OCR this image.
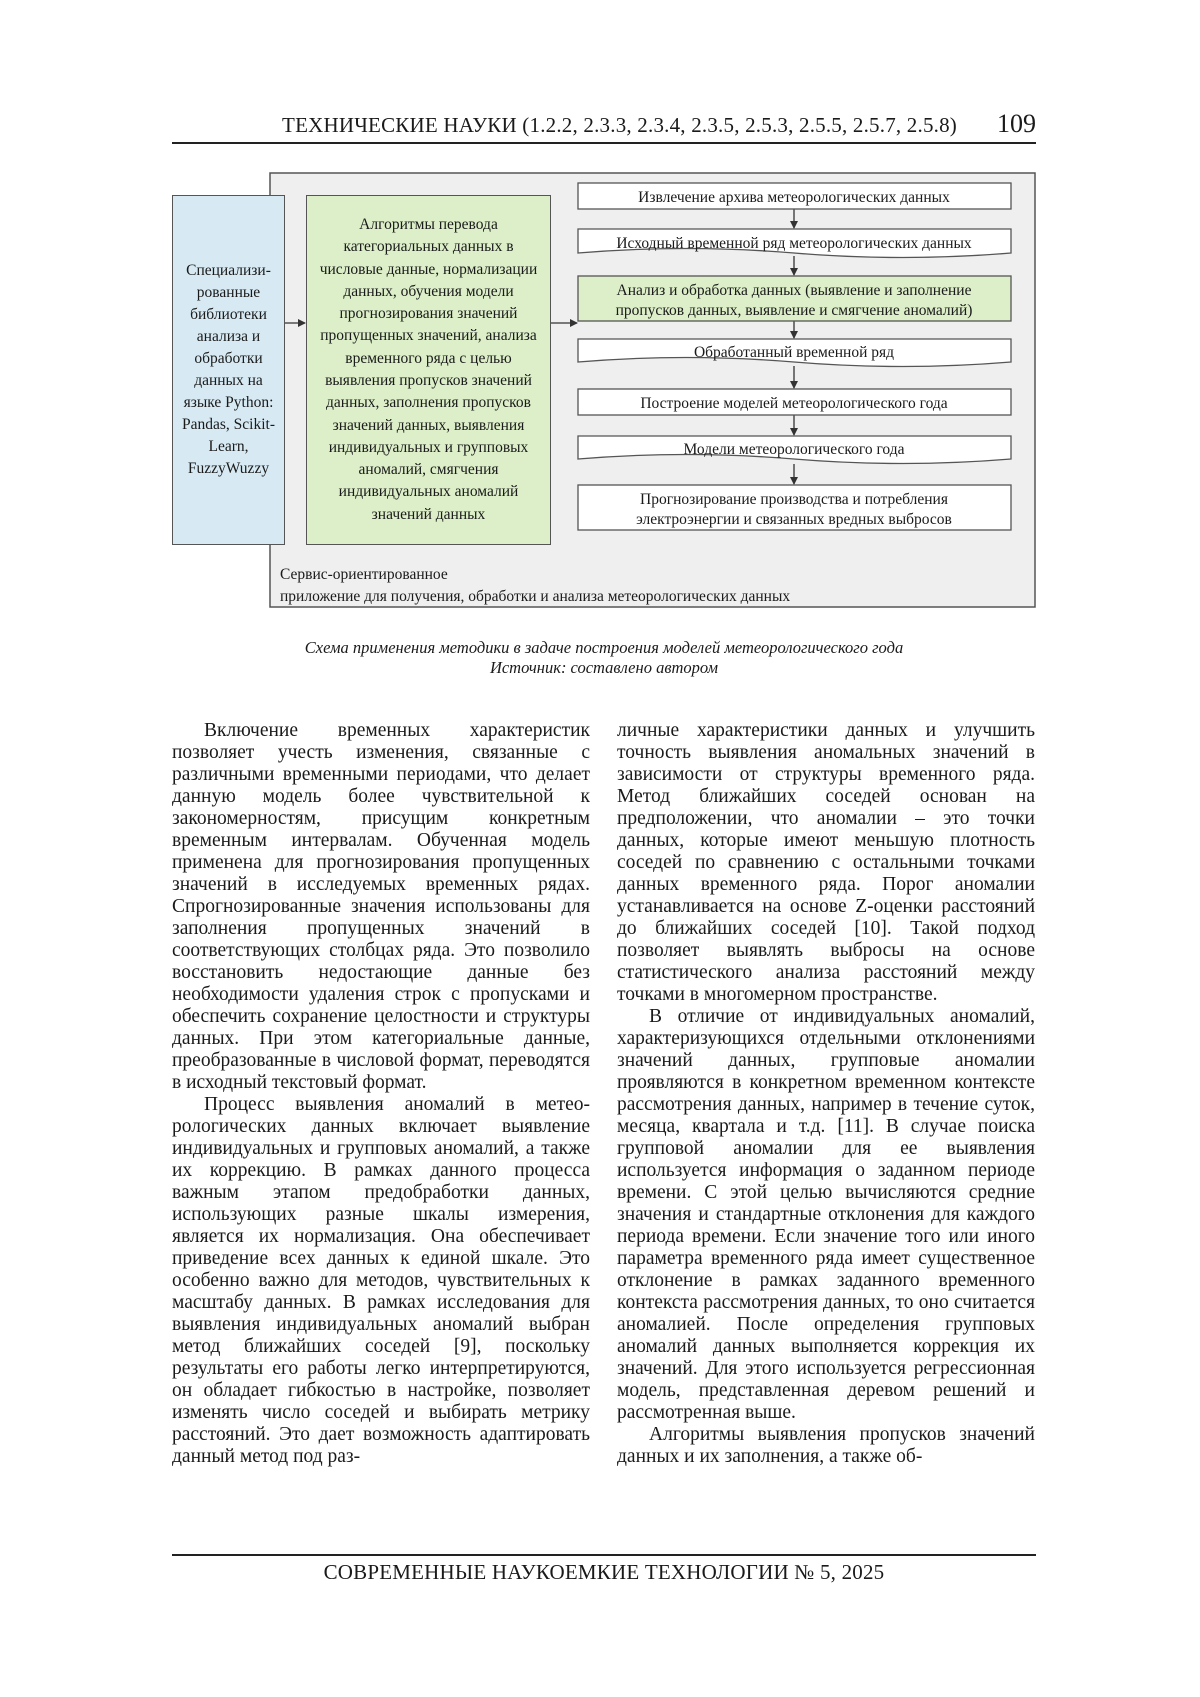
ТЕХНИЧЕСКИЕ НАУКИ (1.2.2, 2.3.3, 2.3.4, 2.3.5, 2.5.3, 2.5.5, 2.5.7, 2.5.8) 109
Извлечение архива метеорологических данных
Исходный временной ряд метеорологических данных
Анализ и обработка данных (выявление и заполнение
пропусков данных, выявление и смягчение аномалий)
Обработанный временной ряд
Построение моделей метеорологического года
Модели метеорологического года
Прогнозирование производства и потребления
электроэнергии и связанных вредных выбросов
Специализи-рованные библиотеки анализа и обработки данных на языке Python: Pandas, Scikit-Learn, FuzzyWuzzy
Алгоритмы перевода категориальных данных в числовые данные, нормализации данных, обучения модели прогнозирования значений пропущенных значений, анализа временного ряда с целью выявления пропусков значений данных, заполнения пропусков значений данных, выявления индивидуальных и групповых аномалий, смягчения индивидуальных аномалий значений данных
Сервис-ориентированное
приложение для получения, обработки и анализа метеорологических данных
Схема применения методики в задаче построения моделей метеорологического года
Источник: составлено автором

Включение временных характеристик позволяет учесть изменения, связанные с различными временными периодами, что делает данную модель более чувствительной к закономерностям, присущим конкретным временным интервалам. Обученная модель применена для прогнозирования пропущенных значений в исследуемых временных рядах. Спрогнозированные значения использованы для заполнения пропущенных значений в соответствующих столбцах ряда. Это позволило восстановить недостающие данные без необходимости удаления строк с пропусками и обеспечить сохранение целостности и структуры данных. При этом категориальные данные, преобразованные в числовой формат, переводятся в исходный текстовый формат.

Процесс выявления аномалий в метеорологических данных включает выявление индивидуальных и групповых аномалий, а также их коррекцию. В рамках данного процесса важным этапом предобработки данных, использующих разные шкалы измерения, является их нормализация. Она обеспечивает приведение всех данных к единой шкале. Это особенно важно для методов, чувствительных к масштабу данных. В рамках исследования для выявления индивидуальных аномалий выбран метод ближайших соседей [9], поскольку результаты его работы легко интерпретируются, он обладает гибкостью в настройке, позволяет изменять число соседей и выбирать метрику расстояний. Это дает возможность адаптировать данный метод под раз-

личные характеристики данных и улучшить точность выявления аномальных значений в зависимости от структуры временного ряда. Метод ближайших соседей основан на предположении, что аномалии – это точки данных, которые имеют меньшую плотность соседей по сравнению с остальными точками данных временного ряда. Порог аномалии устанавливается на основе Z-оценки расстояний до ближайших соседей [10]. Такой подход позволяет выявлять выбросы на основе статистического анализа расстояний между точками в многомерном пространстве.

В отличие от индивидуальных аномалий, характеризующихся отдельными отклонениями значений данных, групповые аномалии проявляются в конкретном временном контексте рассмотрения данных, например в течение суток, месяца, квартала и т.д. [11]. В случае поиска групповой аномалии для ее выявления используется информация о заданном периоде времени. С этой целью вычисляются средние значения и стандартные отклонения для каждого периода времени. Если значение того или иного параметра временного ряда имеет существенное отклонение в рамках заданного временного контекста рассмотрения данных, то оно считается аномалией. После определения групповых аномалий данных выполняется коррекция их значений. Для этого используется регрессионная модель, представленная деревом решений и рассмотренная выше.

Алгоритмы выявления пропусков значений данных и их заполнения, а также об-

СОВРЕМЕННЫЕ НАУКОЕМКИЕ ТЕХНОЛОГИИ № 5, 2025
